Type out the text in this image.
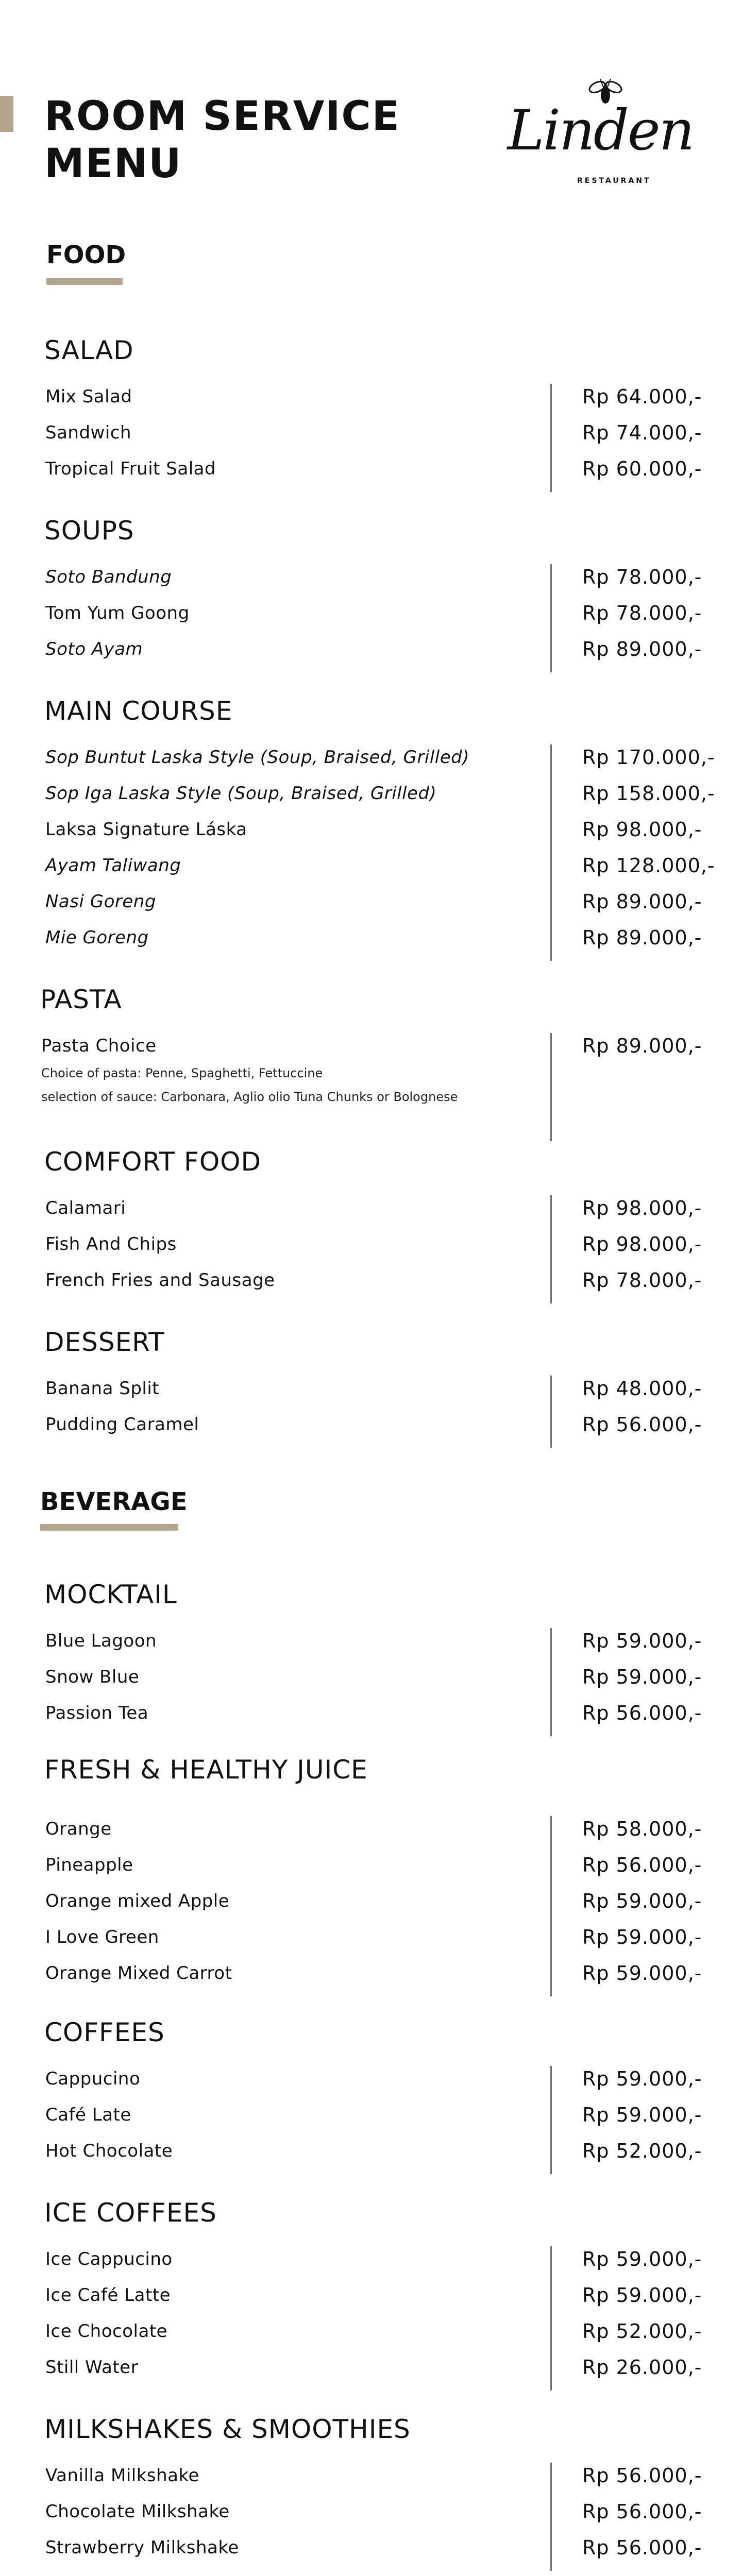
ROOM SERVICE
MENU
Linden
RESTAURANT
FOOD
SALAD
Mix Salad	Rp 64.000,-
Sandwich	Rp 74.000,-
Tropical Fruit Salad	Rp 60.000,-
SOUPS
Soto Bandung	Rp 78.000,-
Tom Yum Goong	Rp 78.000,-
Soto Ayam	Rp 89.000,-
MAIN COURSE
Sop Buntut Laska Style (Soup, Braised, Grilled)	Rp 170.000,-
Sop Iga Laska Style (Soup, Braised, Grilled)	Rp 158.000,-
Laksa Signature Láska	Rp 98.000,-
Ayam Taliwang	Rp 128.000,-
Nasi Goreng	Rp 89.000,-
Mie Goreng	Rp 89.000,-
PASTA
Pasta Choice	Rp 89.000,-
Choice of pasta: Penne, Spaghetti, Fettuccine
selection of sauce: Carbonara, Aglio olio Tuna Chunks or Bolognese
COMFORT FOOD
Calamari	Rp 98.000,-
Fish And Chips	Rp 98.000,-
French Fries and Sausage	Rp 78.000,-
DESSERT
Banana Split	Rp 48.000,-
Pudding Caramel	Rp 56.000,-
BEVERAGE
MOCKTAIL
Blue Lagoon	Rp 59.000,-
Snow Blue	Rp 59.000,-
Passion Tea	Rp 56.000,-
FRESH & HEALTHY JUICE
Orange	Rp 58.000,-
Pineapple	Rp 56.000,-
Orange mixed Apple	Rp 59.000,-
I Love Green	Rp 59.000,-
Orange Mixed Carrot	Rp 59.000,-
COFFEES
Cappucino	Rp 59.000,-
Café Late	Rp 59.000,-
Hot Chocolate	Rp 52.000,-
ICE COFFEES
Ice Cappucino	Rp 59.000,-
Ice Café Latte	Rp 59.000,-
Ice Chocolate	Rp 52.000,-
Still Water	Rp 26.000,-
MILKSHAKES & SMOOTHIES
Vanilla Milkshake	Rp 56.000,-
Chocolate Milkshake	Rp 56.000,-
Strawberry Milkshake	Rp 56.000,-
